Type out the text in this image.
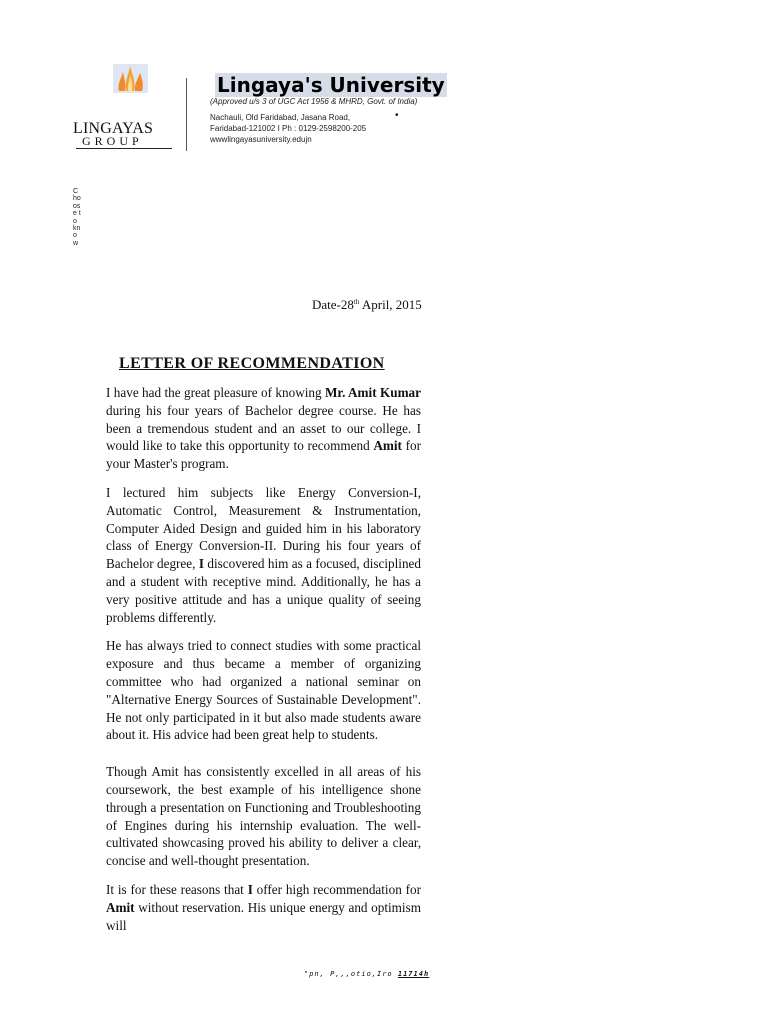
LINGAYAS
GROUP
Lingaya's University
(Approved u/s 3 of UGC Act 1956 & MHRD, Govt. of India)
Nachauli, Old Faridabad, Jasana Road,	•
Faridabad-121002 I Ph : 0129-2598200-205
wwwlingayasuniversity.edujn
Choose to know
Date-28th April, 2015
LETTER OF RECOMMENDATION

I have had the great pleasure of knowing Mr. Amit Kumar during his four years of Bachelor degree course. He has been a tremendous student and an asset to our college. I would like to take this opportunity to recommend Amit for your Master's program.

I lectured him subjects like Energy Conversion-I, Automatic Control, Measurement & Instrumentation, Computer Aided Design and guided him in his laboratory class of Energy Conversion-II. During his four years of Bachelor degree, I discovered him as a focused, disciplined and a student with receptive mind. Additionally, he has a very positive attitude and has a unique quality of seeing problems differently.

He has always tried to connect studies with some practical exposure and thus became a member of organizing committee who had organized a national seminar on "Alternative Energy Sources of Sustainable Development". He not only participated in it but also made students aware about it. His advice had been great help to students.

Though Amit has consistently excelled in all areas of his coursework, the best example of his intelligence shone through a presentation on Functioning and Troubleshooting of Engines during his internship evaluation. The well-cultivated showcasing proved his ability to deliver a clear, concise and well-thought presentation.

It is for these reasons that I offer high recommendation for Amit without reservation. His unique energy and optimism will

"pn, P,,,otio,Iro 11714h
